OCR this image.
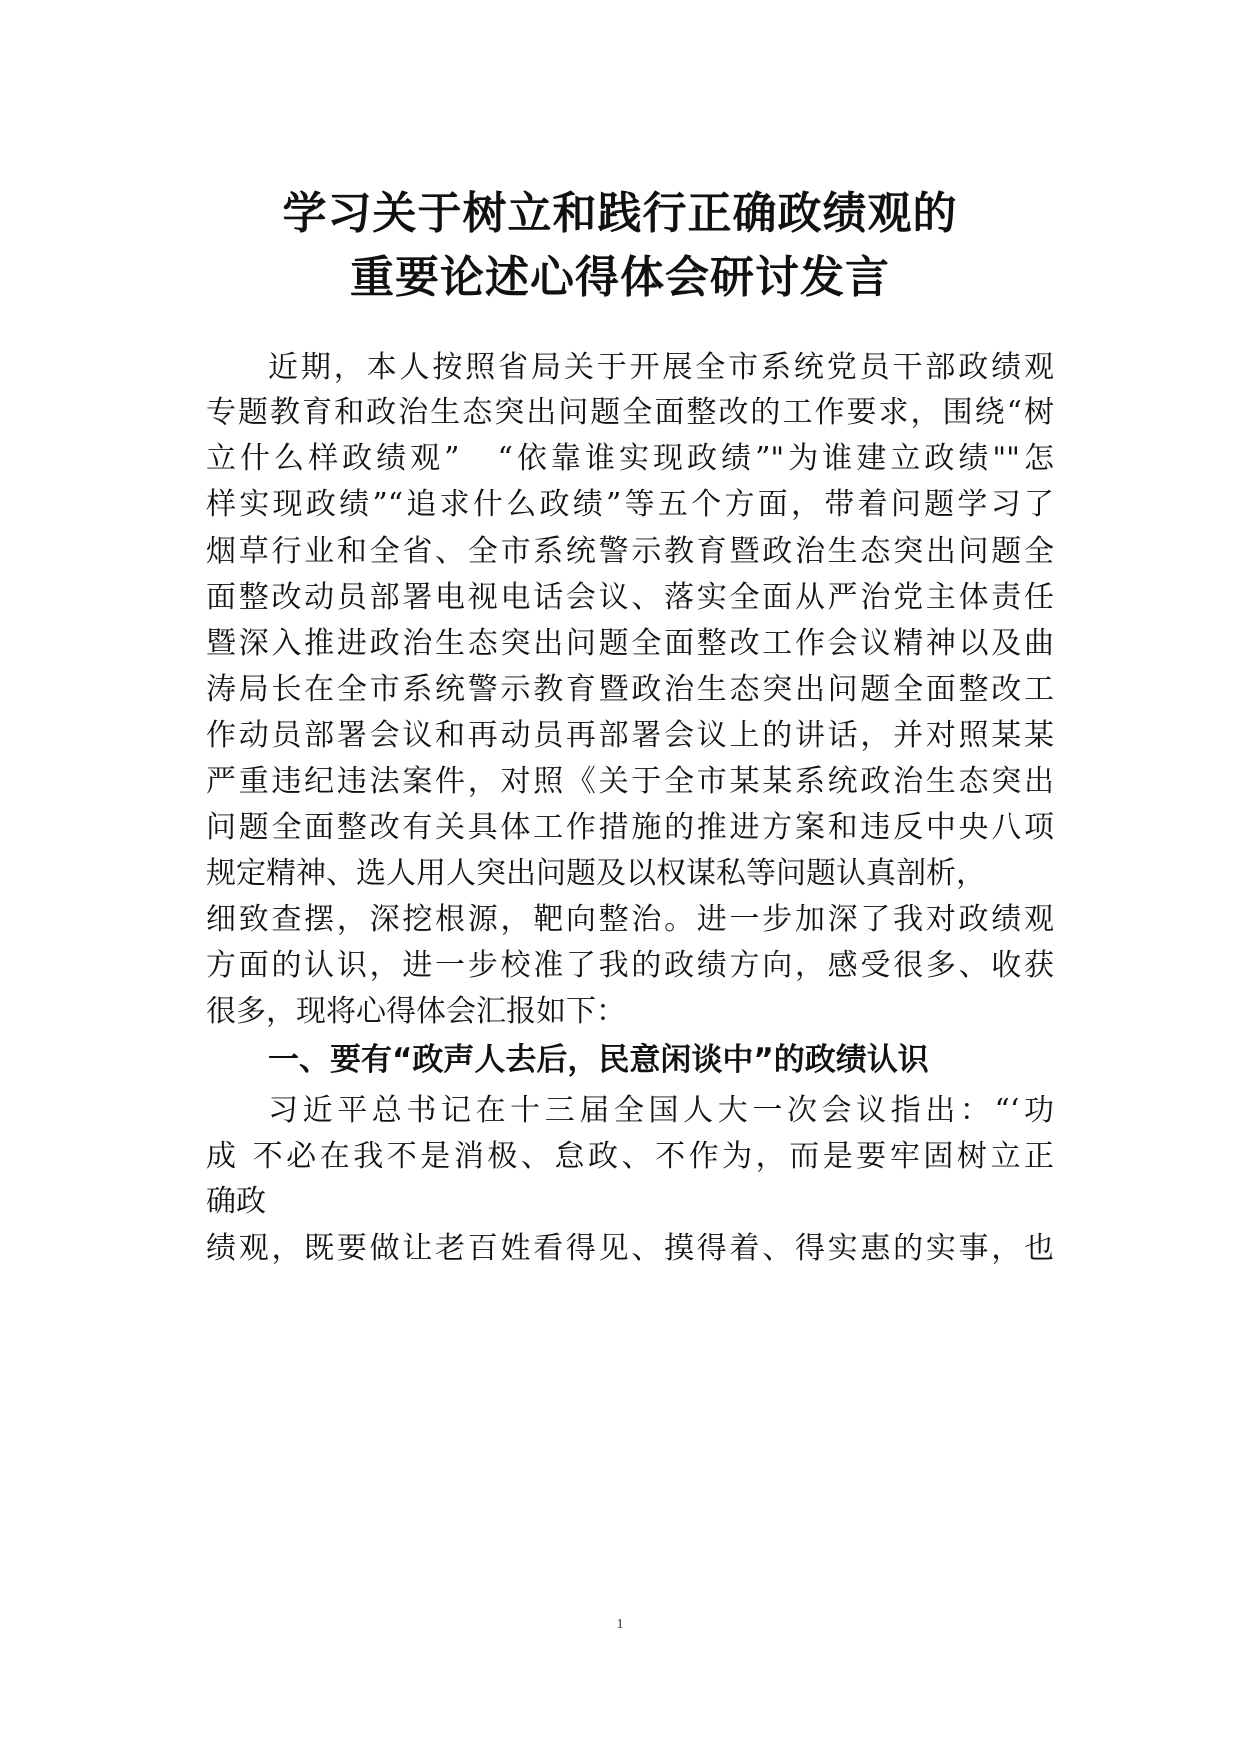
学习关于树立和践行正确政绩观的
重要论述心得体会研讨发言
近期，本人按照省局关于开展全市系统党员干部政绩观
专题教育和政治生态突出问题全面整改的工作要求，围绕“树
立什么样政绩观”　“依靠谁实现政绩”"为谁建立政绩""怎
样实现政绩”“追求什么政绩”等五个方面，带着问题学习了
烟草行业和全省、全市系统警示教育暨政治生态突出问题全
面整改动员部署电视电话会议、落实全面从严治党主体责任
暨深入推进政治生态突出问题全面整改工作会议精神以及曲
涛局长在全市系统警示教育暨政治生态突出问题全面整改工
作动员部署会议和再动员再部署会议上的讲话，并对照某某
严重违纪违法案件，对照《关于全市某某系统政治生态突出
问题全面整改有关具体工作措施的推进方案和违反中央八项
规定精神、选人用人突出问题及以权谋私等问题认真剖析，
细致查摆，深挖根源，靶向整治。进一步加深了我对政绩观
方面的认识，进一步校准了我的政绩方向，感受很多、收获
很多，现将心得体会汇报如下：
一、要有“政声人去后，民意闲谈中”的政绩认识
习近平总书记在十三届全国人大一次会议指出：“‘功
成 不必在我不是消极、怠政、不作为，而是要牢固树立正
确政
绩观，既要做让老百姓看得见、摸得着、得实惠的实事，也
1
